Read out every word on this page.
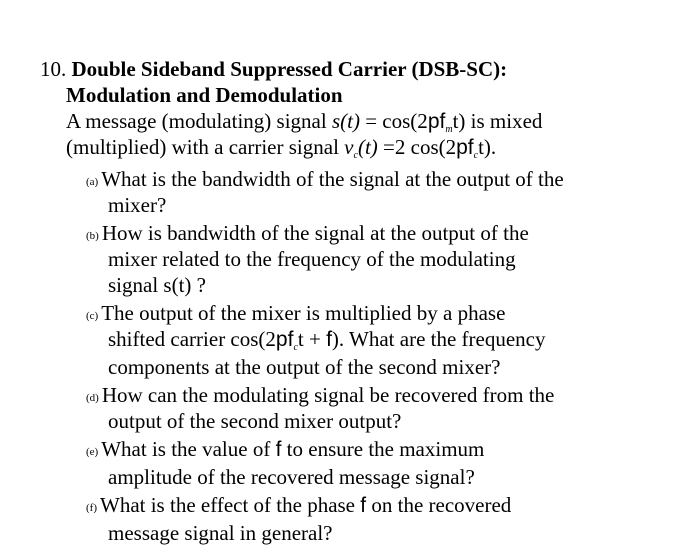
10. Double Sideband Suppressed Carrier (DSB-SC):
Modulation and Demodulation
A message (modulating) signal $s(t) = \cos(2pf_mt)$ is mixed
(multiplied) with a carrier signal $v_c(t) =2$ $\cos(2pf_ct)$.
(a) What is the bandwidth of the signal at the output of the
mixer?
(b) How is bandwidth of the signal at the output of the
mixer related to the frequency of the modulating
signal s(t) ?
(c) The output of the mixer is multiplied by a phase
shifted carrier $\cos(2pf_ct + f)$. What are the frequency
components at the output of the second mixer?
(d) How can the modulating signal be recovered from the
output of the second mixer output?
(e) What is the value of f to ensure the maximum
amplitude of the recovered message signal?
(f) What is the effect of the phase f on the recovered
message signal in general?
